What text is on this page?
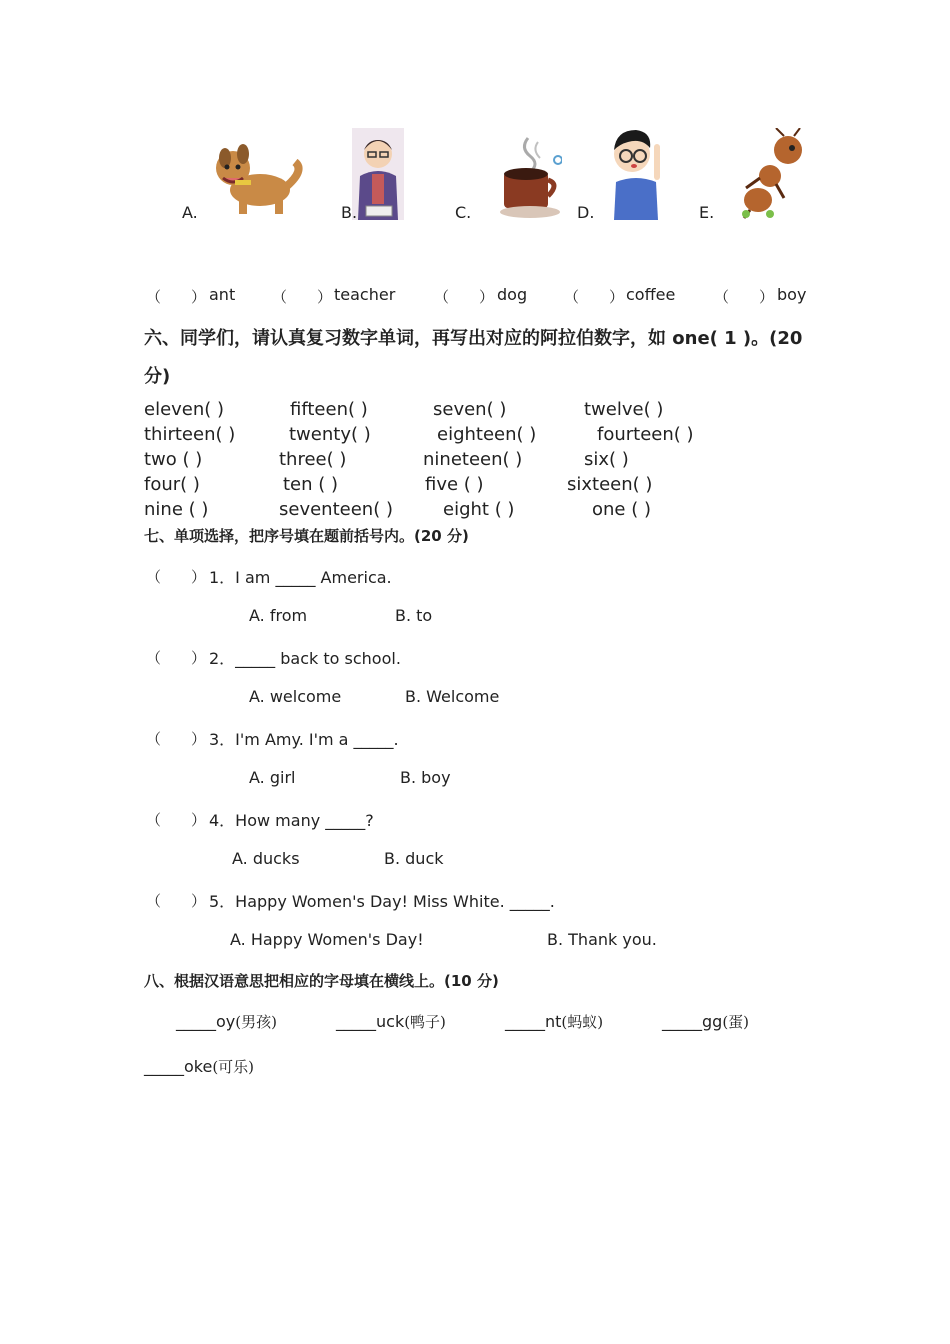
A.	B.	C.	D.	E.
（　　） ant （　　） teacher	（　　） dog （　　） coffee	（　　） boy
六、同学们，请认真复习数字单词，再写出对应的阿拉伯数字，如 one( 1 )。(20
分)
eleven( )	fifteen( )	seven( )	twelve( )
thirteen( )	twenty( )	eighteen( )	fourteen( )
two ( )	three( )	nineteen( )	six( )
four( )	ten ( )	five ( )	sixteen( )
nine ( )	seventeen( )	eight ( )	one ( )
七、单项选择，把序号填在题前括号内。(20 分)
（　　） 1．I am _____ America.
A. from	B. to
（　　） 2．_____ back to school.
A. welcome	B. Welcome
（　　） 3．I'm Amy. I'm a _____.
A. girl	B. boy
（　　） 4．How many _____?
A. ducks	B. duck
（　　） 5．Happy Women's Day! Miss White. _____.
A. Happy Women's Day!	B. Thank you.
八、根据汉语意思把相应的字母填在横线上。(10 分)
_____oy(男孩)	_____uck(鸭子)	_____nt(蚂蚁)	_____gg(蛋)
_____oke(可乐)
